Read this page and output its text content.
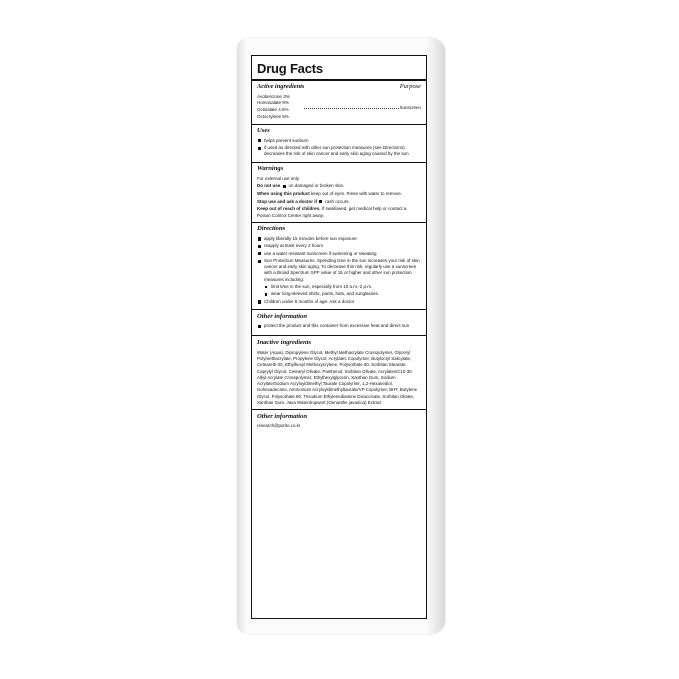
Drug Facts
Active ingredients	Purpose
Avobenzone 3%
Homosalate 9%
Octisalate 4.5%
Octocrylene 5%
Sunscreen
Uses
helps prevent sunburn
if used as directed with other sun protection measures (see Directions) decreases the risk of skin cancer and early skin aging caused by the sun
Warnings
For external use only.
Do not use on damaged or broken skin.
When using this product keep out of eyes. Rinse with water to remove.
Stop use and ask a doctor if rash occurs.
Keep out of reach of children. If swallowed, get medical help or contact a Poison Control Center right away.
Directions
apply liberally 15 minutes before sun exposure
reapply at least every 2 hours
use a water resistant sunscreen if swimming or sweating
Sun Protection Measures. Spending time in the sun increases your risk of skin cancer and early skin aging. To decrease this risk, regularly use a sunscreen with a Broad Spectrum SPF value of 15 or higher and other sun protection measures including:
limit time in the sun, especially from 10 a.m.-2 p.m.
wear long-sleeved shirts, pants, hats, and sunglasses.
Children under 6 months of age: Ask a doctor
Other information
protect the product and this container from excessive heat and direct sun
Inactive ingredients
Water (Aqua), Dipropylene Glycol, Methyl Methacrylate Crosspolymer, Glyceryl Polymethacrylate, Propylene Glycol, Acrylates Copolymer, Butyloctyl Salicylate, Ceteareth-20, Ethylhexyl Methoxycrylene, Polysorbate 60, Sorbitan Stearate, Caprylyl Glycol, Cetearyl Olivate, Panthenol, Sorbitan Olivate, Acrylates/C10-30 Alkyl Acrylate Crosspolymer, Ethylhexylglycerin, Xanthan Gum, Sodium Acrylate/Sodium Acryloyldimethyl Taurate Copolymer, 1,2-Hexanediol, Isohexadecane, Ammonium Acryloyldimethyltaurate/VP Copolymer, BHT, Butylene Glycol, Polysorbate 80, Trisodium Ethylenediamine Disuccinate, Sorbitan Oleate, Xanthan Gum, Java Waterdropwort (Oenanthe javanica) Extract
Other information
research@purito.co.kr
